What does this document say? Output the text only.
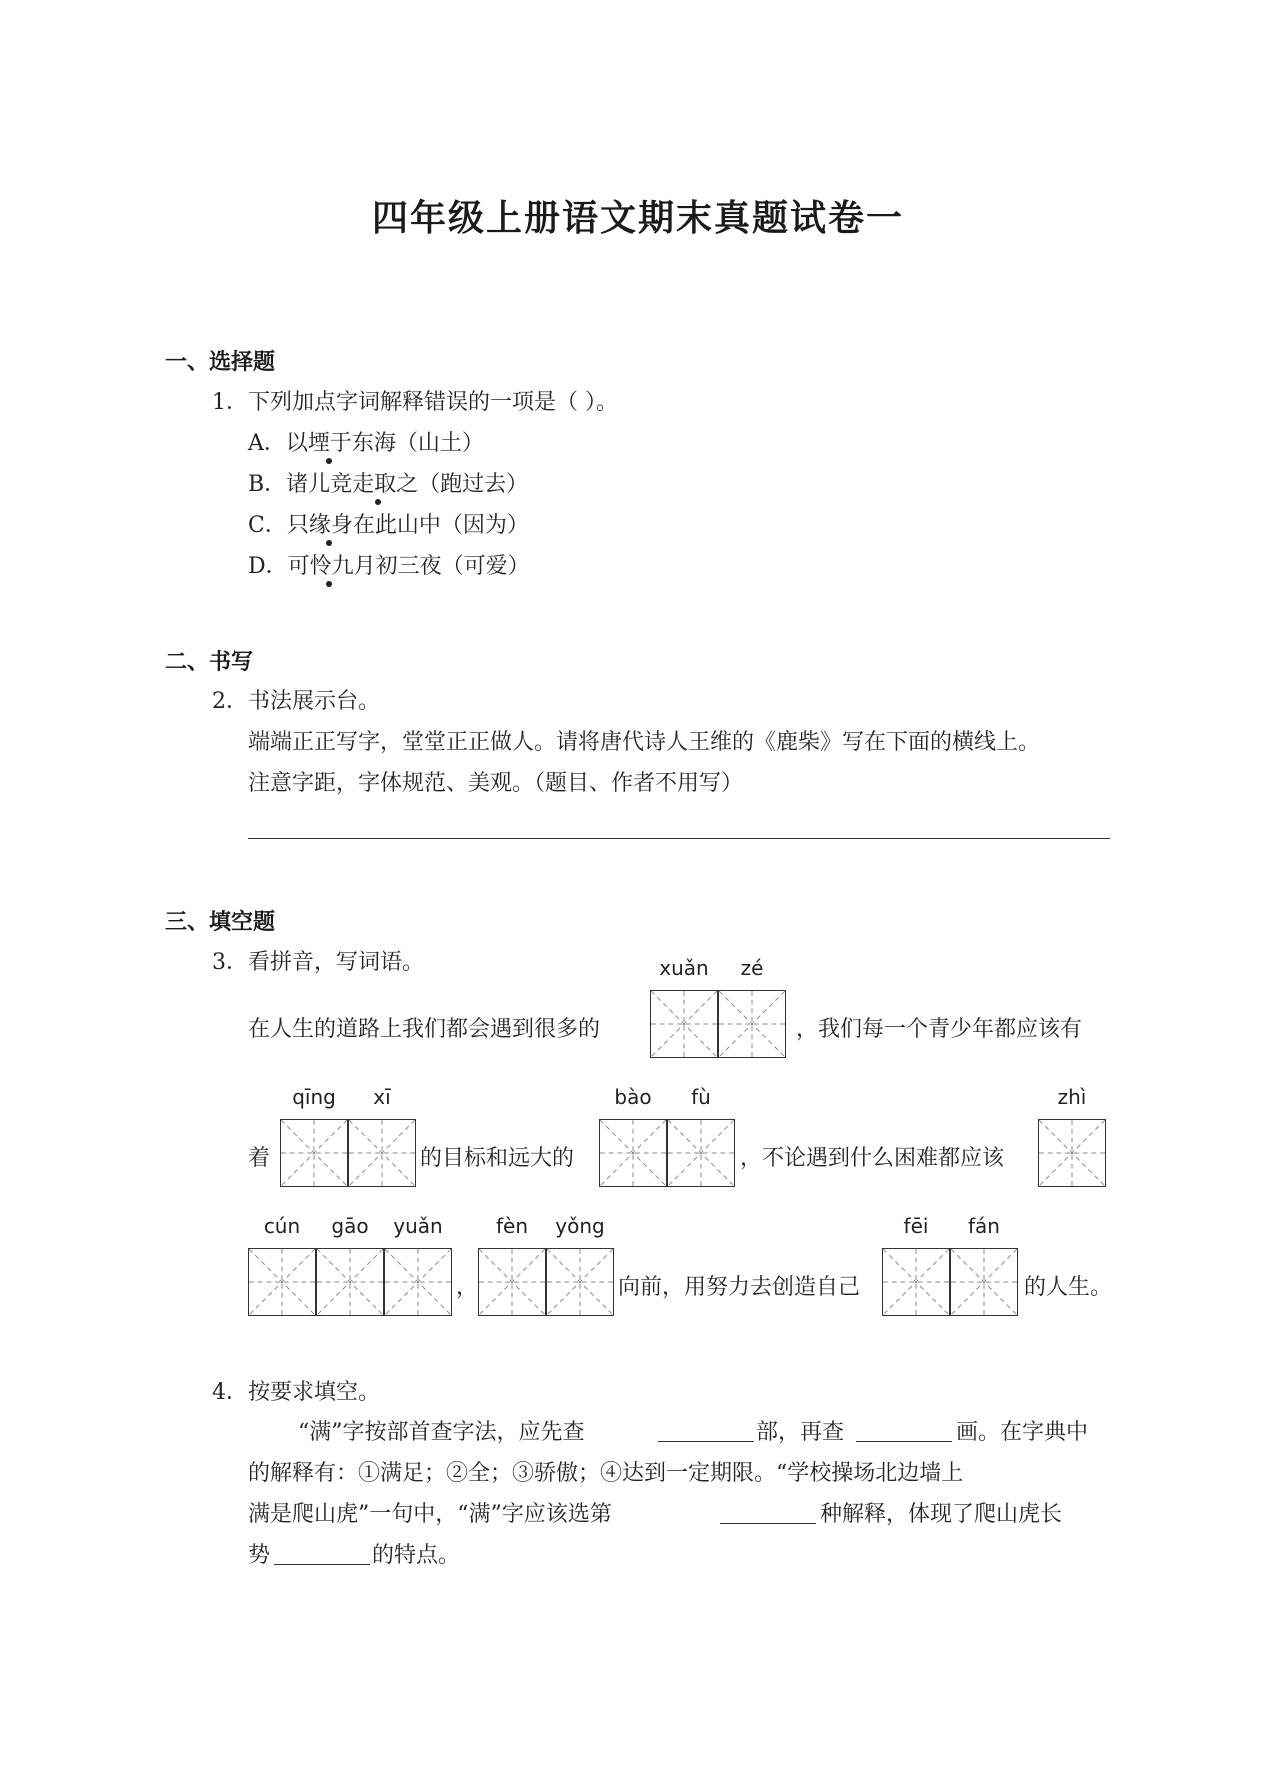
四年级上册语文期末真题试卷一
一、选择题
1．下列加点字词解释错误的一项是（ ）。
A．以堙于东海（山土）
B．诸儿竞走取之（跑过去）
C．只缘身在此山中（因为）
D．可怜九月初三夜（可爱）
二、书写
2．书法展示台。
端端正正写字，堂堂正正做人。请将唐代诗人王维的《鹿柴》写在下面的横线上。
注意字距，字体规范、美观。（题目、作者不用写）
三、填空题
3．看拼音，写词语。	xuǎn	zé
在人生的道路上我们都会遇到很多的	，我们每一个青少年都应该有
qīng	xī	bào	fù	zhì
着	的目标和远大的	，不论遇到什么困难都应该
cún	gāo	yuǎn	fèn	yǒng	fēi	fán
，	向前，用努力去创造自己	的人生。
4．按要求填空。
“满”字按部首查字法，应先查	部，再查	画。在字典中
的解释有：①满足；②全；③骄傲；④达到一定期限。“学校操场北边墙上
满是爬山虎”一句中，“满”字应该选第	种解释，体现了爬山虎长
势	的特点。
